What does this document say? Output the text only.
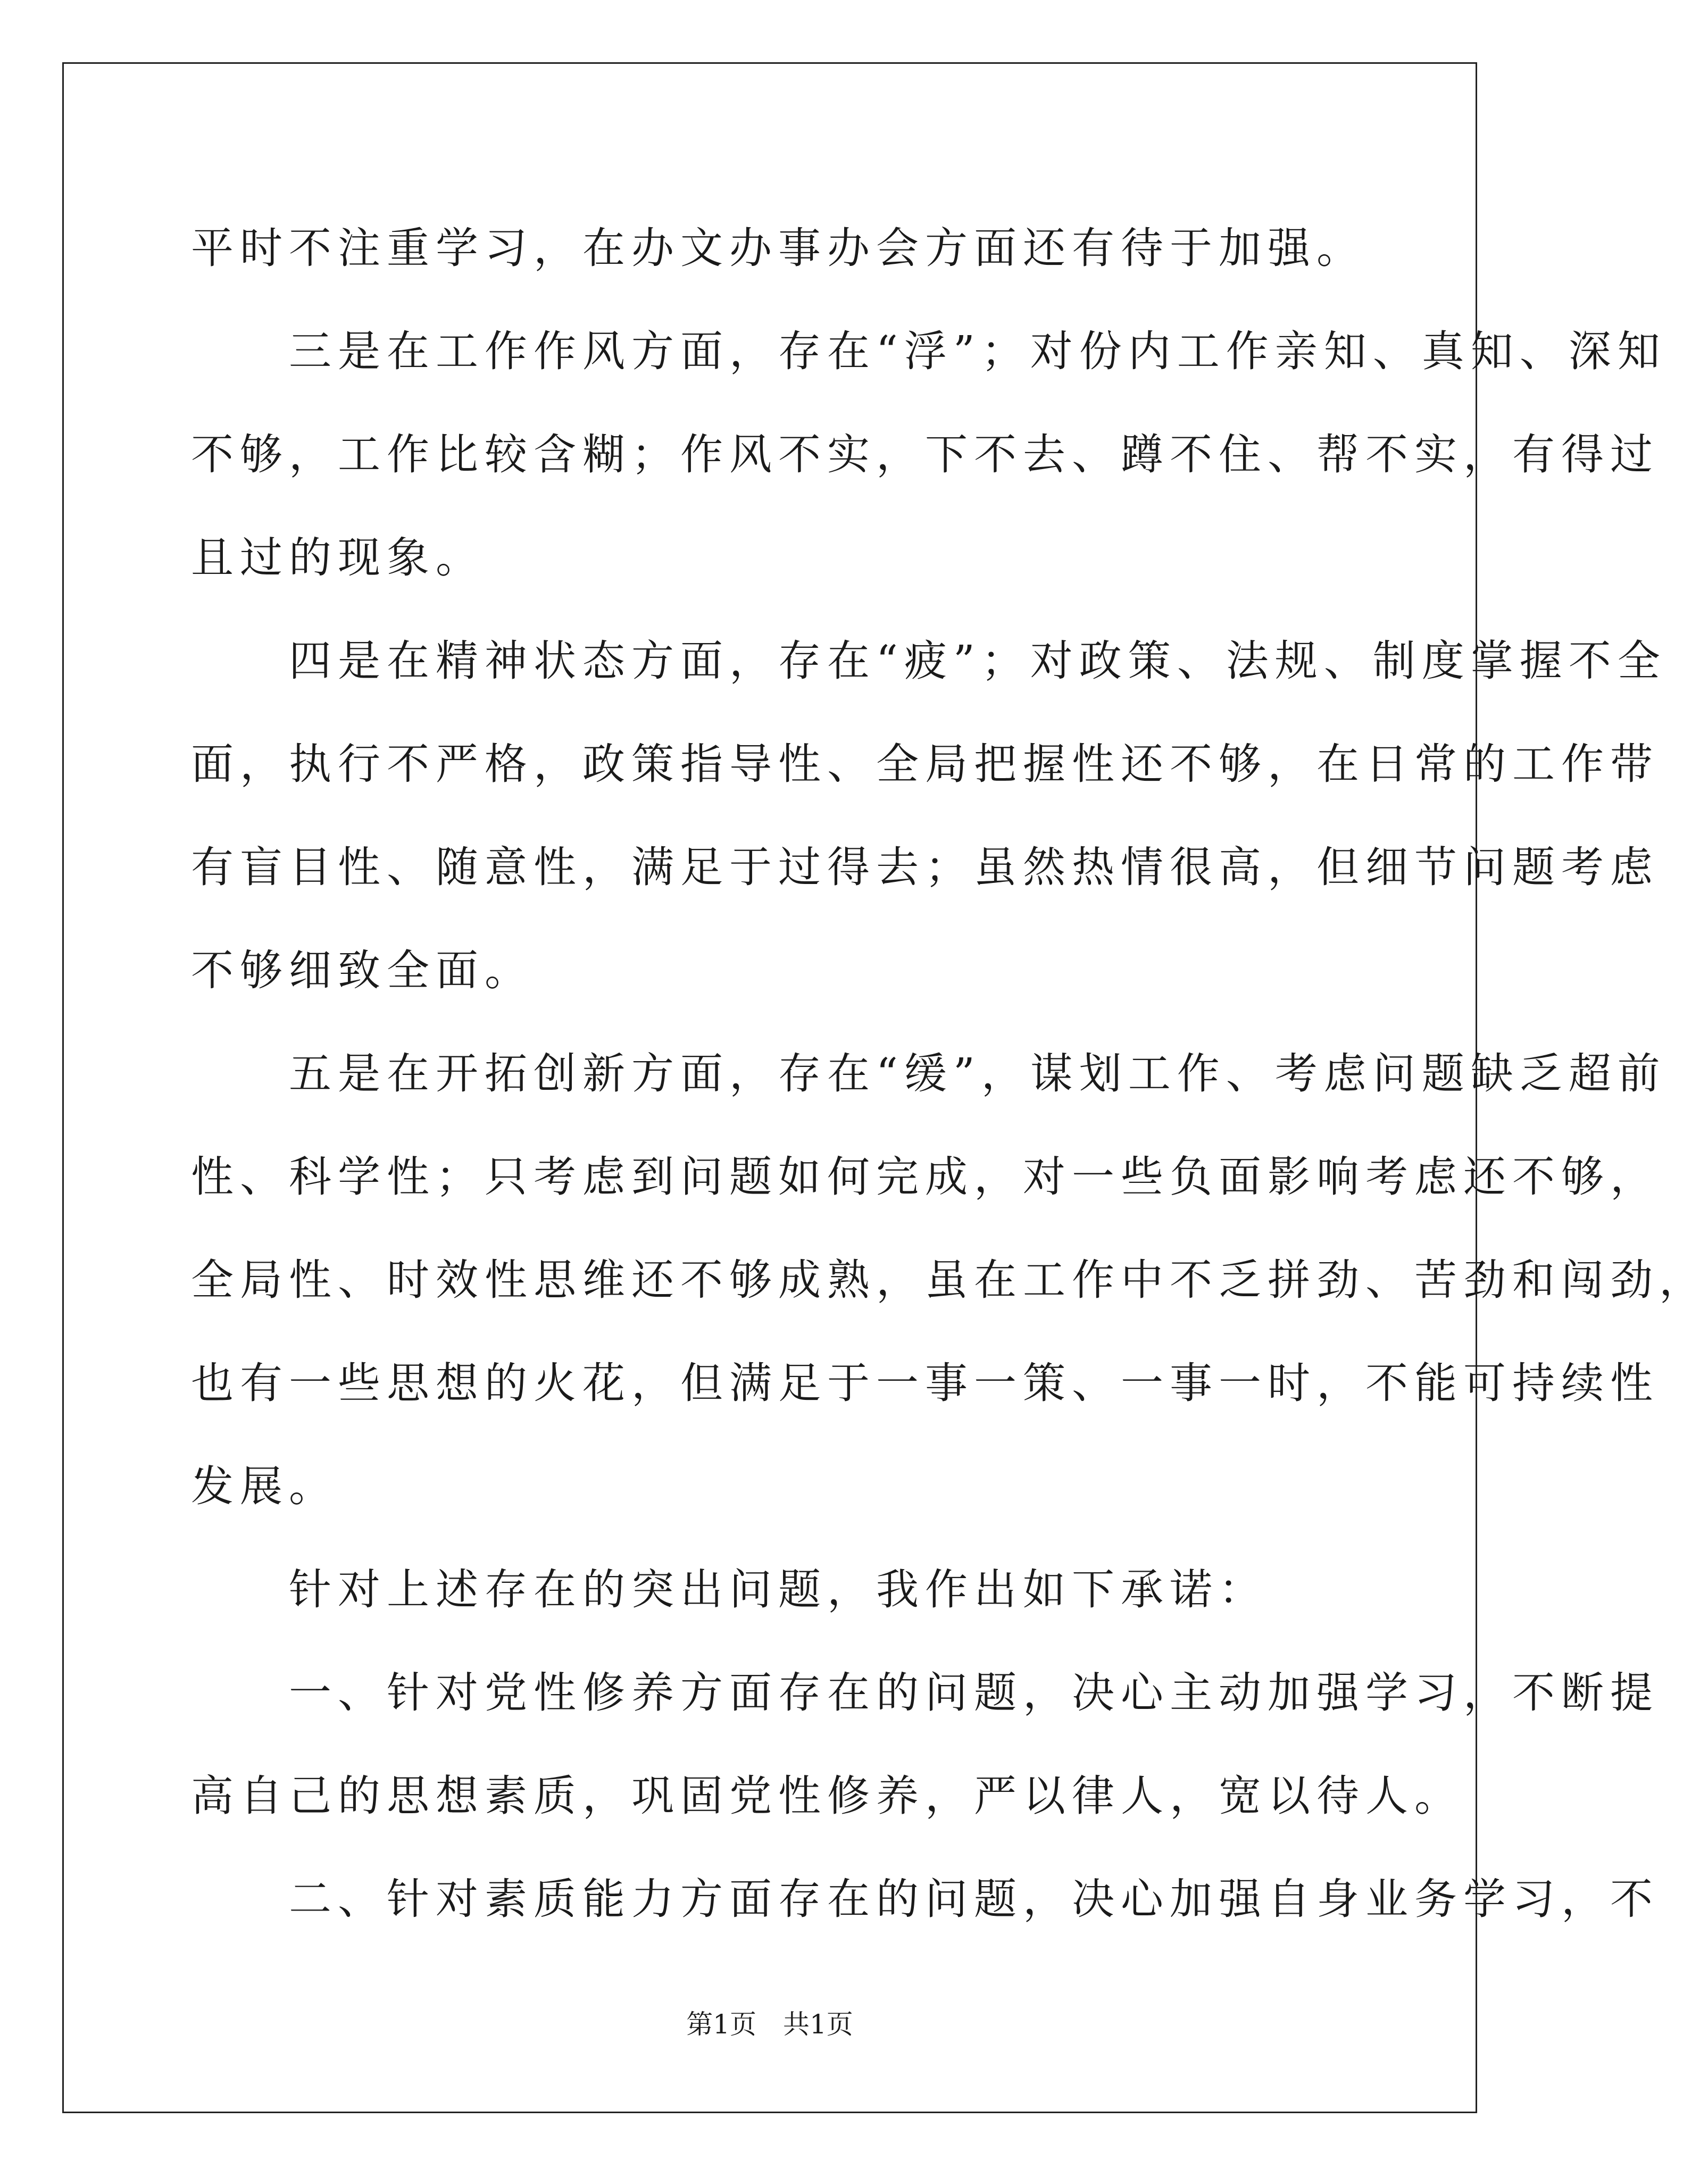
平时不注重学习，在办文办事办会方面还有待于加强。

　　三是在工作作风方面，存在“浮”；对份内工作亲知、真知、深知

不够，工作比较含糊；作风不实，下不去、蹲不住、帮不实，有得过

且过的现象。

　　四是在精神状态方面，存在“疲”；对政策、法规、制度掌握不全

面，执行不严格，政策指导性、全局把握性还不够，在日常的工作带

有盲目性、随意性，满足于过得去；虽然热情很高，但细节问题考虑

不够细致全面。

　　五是在开拓创新方面，存在“缓”，谋划工作、考虑问题缺乏超前

性、科学性；只考虑到问题如何完成，对一些负面影响考虑还不够，

全局性、时效性思维还不够成熟，虽在工作中不乏拼劲、苦劲和闯劲，

也有一些思想的火花，但满足于一事一策、一事一时，不能可持续性

发展。

　　针对上述存在的突出问题，我作出如下承诺：

　　一、针对党性修养方面存在的问题，决心主动加强学习，不断提

高自己的思想素质，巩固党性修养，严以律人，宽以待人。

　　二、针对素质能力方面存在的问题，决心加强自身业务学习，不

第1页　共1页
